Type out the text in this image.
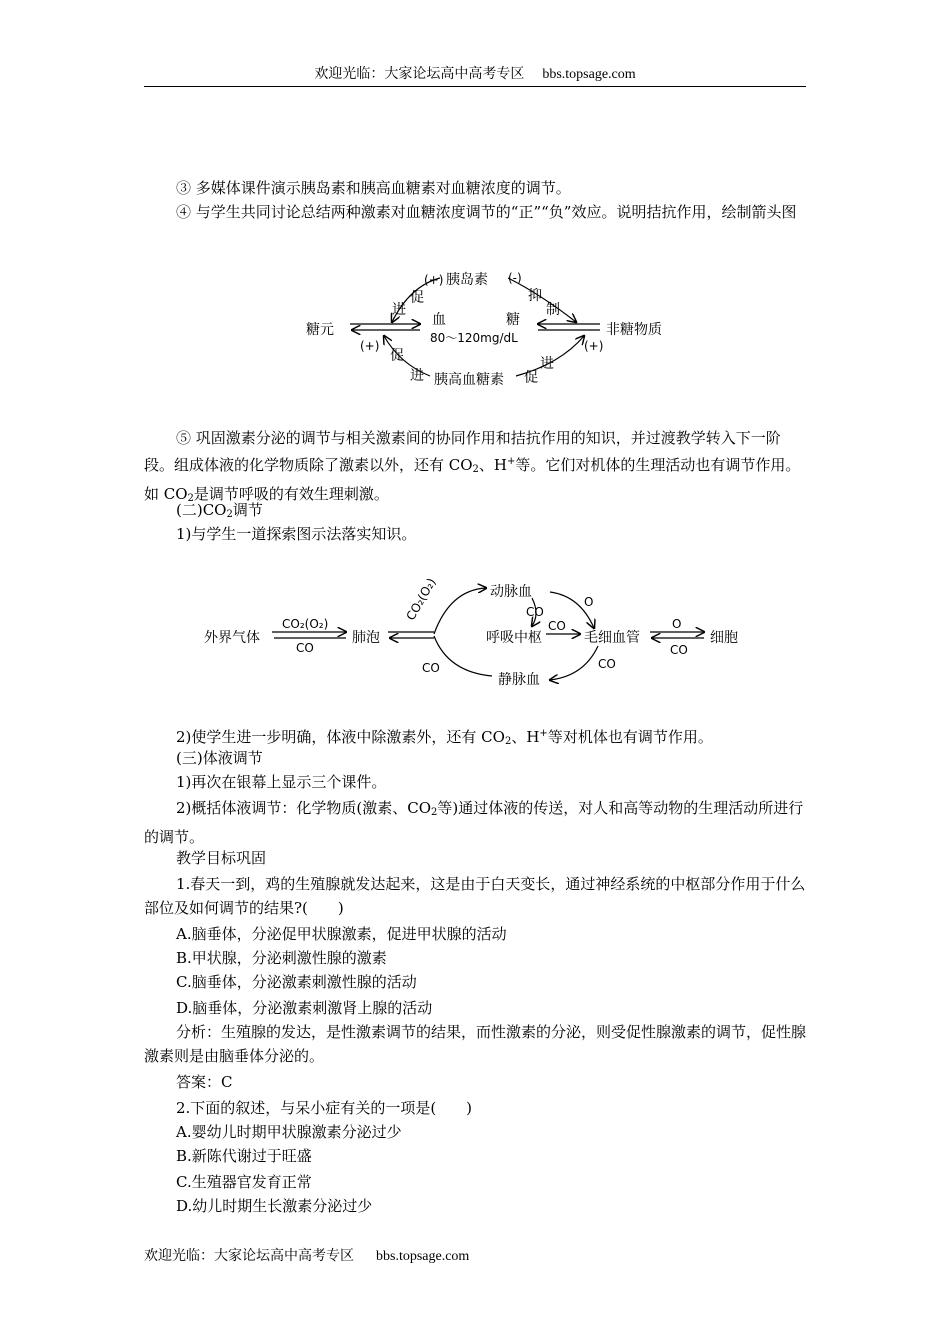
欢迎光临：大家论坛高中高考专区 bbs.topsage.com

③ 多媒体课件演示胰岛素和胰高血糖素对血糖浓度的调节。

④ 与学生共同讨论总结两种激素对血糖浓度调节的“正”“负”效应。说明拮抗作用，绘制箭头图

糖元
血	糖
80～120mg/dL	非糖物质
胰岛素
胰高血糖素
(+)
促
进
(-)
抑
制
(+)
促
进
(+)
进
促

⑤ 巩固激素分泌的调节与相关激素间的协同作用和拮抗作用的知识，并过渡教学转入下一阶段。组成体液的化学物质除了激素以外，还有 $CO_2$、H+等。它们对机体的生理活动也有调节作用。如 $CO_2$是调节呼吸的有效生理刺激。

(二)$CO_2$调节

1)与学生一道探索图示法落实知识。

外界气体	肺泡
动脉血
静脉血
呼吸中枢	毛细血管	细胞
CO₂(O₂)
CO
CO₂(O₂)
CO
CO
O
CO
CO
O
CO

2)使学生进一步明确，体液中除激素外，还有 $CO_2$、H+等对机体也有调节作用。

(三)体液调节

1)再次在银幕上显示三个课件。

2)概括体液调节：化学物质(激素、$CO_2$等)通过体液的传送，对人和高等动物的生理活动所进行的调节。

教学目标巩固

1.春天一到，鸡的生殖腺就发达起来，这是由于白天变长，通过神经系统的中枢部分作用于什么部位及如何调节的结果?(　　)

A.脑垂体，分泌促甲状腺激素，促进甲状腺的活动

B.甲状腺，分泌刺激性腺的激素

C.脑垂体，分泌激素刺激性腺的活动

D.脑垂体，分泌激素刺激肾上腺的活动

分析：生殖腺的发达，是性激素调节的结果，而性激素的分泌，则受促性腺激素的调节，促性腺激素则是由脑垂体分泌的。

答案：C

2.下面的叙述，与呆小症有关的一项是(　　)

A.婴幼儿时期甲状腺激素分泌过少

B.新陈代谢过于旺盛

C.生殖器官发育正常

D.幼儿时期生长激素分泌过少

欢迎光临：大家论坛高中高考专区 bbs.topsage.com
